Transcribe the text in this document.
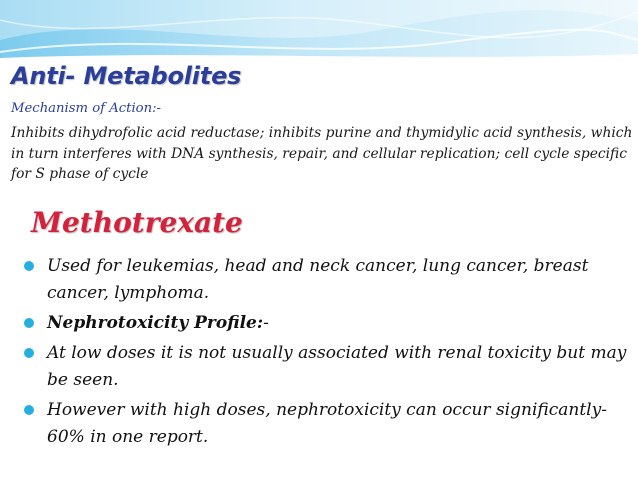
Anti- Metabolites
Mechanism of Action:-
Inhibits dihydrofolic acid reductase; inhibits purine and thymidylic acid synthesis, which in turn interferes with DNA synthesis, repair, and cellular replication; cell cycle specific for S phase of cycle
Methotrexate
Used for leukemias, head and neck cancer, lung cancer, breast cancer, lymphoma.
Nephrotoxicity Profile:-
At low doses it is not usually associated with renal toxicity but may be seen.
However with high doses, nephrotoxicity can occur significantly- 60% in one report.
